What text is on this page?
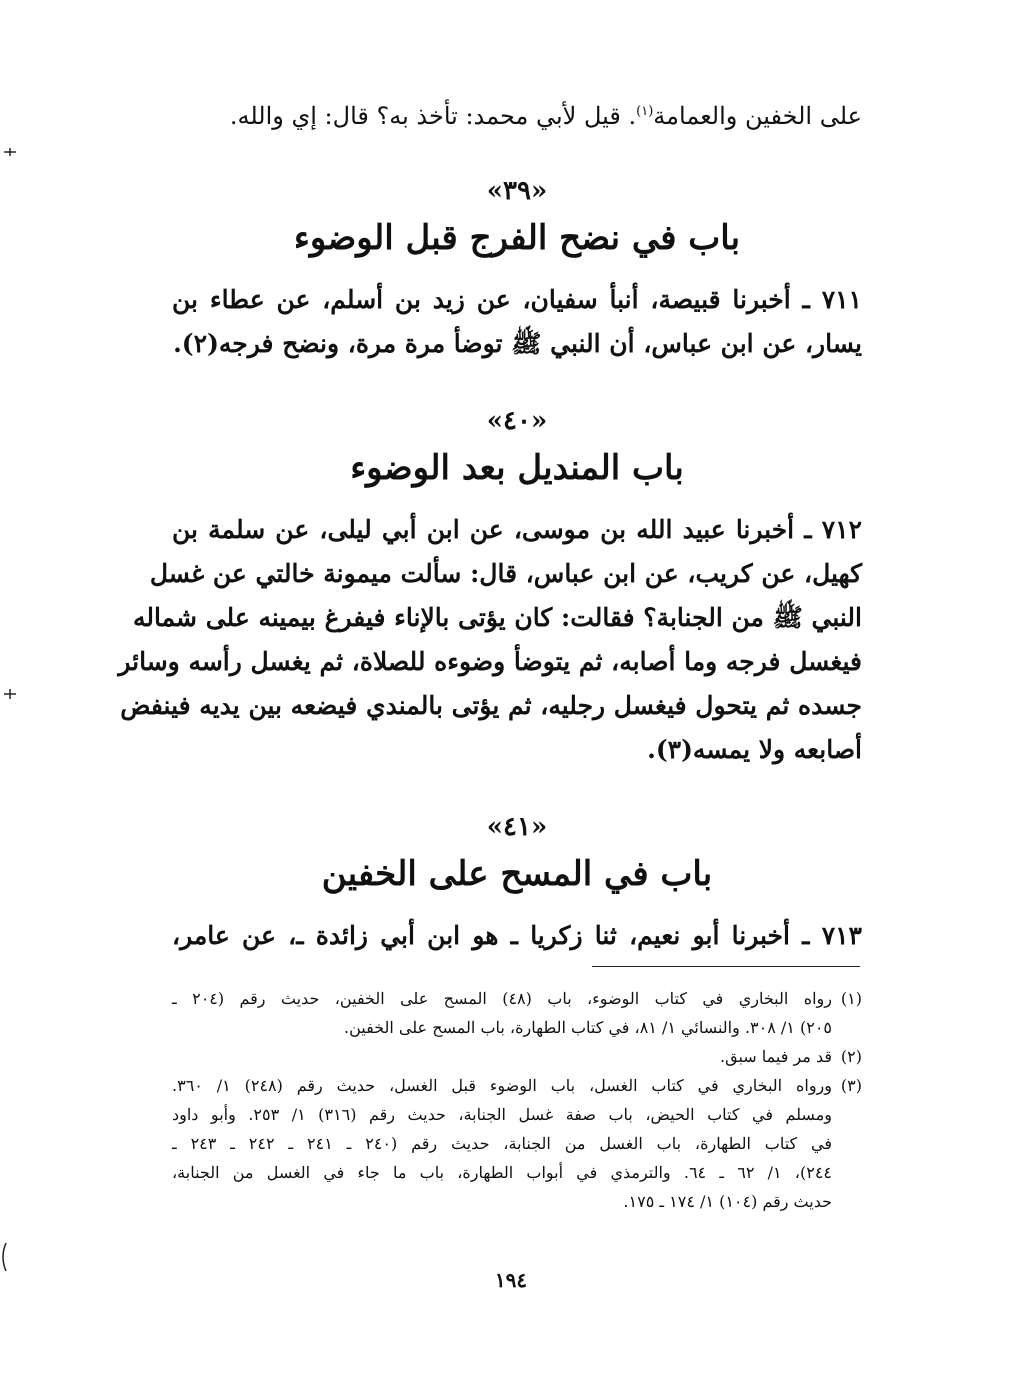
على الخفين والعمامة$^{(١)}$. قيل لأبي محمد: تأخذ به؟ قال: إي والله.
«٣٩»
باب في نضح الفرج قبل الوضوء
٧١١ ـ أخبرنا قبيصة، أنبأ سفيان، عن زيد بن أسلم، عن عطاء بن
يسار، عن ابن عباس، أن النبي ﷺ توضأ مرة مرة، ونضح فرجه(٢).
«٤٠»
باب المنديل بعد الوضوء
٧١٢ ـ أخبرنا عبيد الله بن موسى، عن ابن أبي ليلى، عن سلمة بن
كهيل، عن كريب، عن ابن عباس، قال: سألت ميمونة خالتي عن غسل
النبي ﷺ من الجنابة؟ فقالت: كان يؤتى بالإناء فيفرغ بيمينه على شماله
فيغسل فرجه وما أصابه، ثم يتوضأ وضوءه للصلاة، ثم يغسل رأسه وسائر
جسده ثم يتحول فيغسل رجليه، ثم يؤتى بالمندي فيضعه بين يديه فينفض
أصابعه ولا يمسه(٣).
«٤١»
باب في المسح على الخفين
٧١٣ ـ أخبرنا أبو نعيم، ثنا زكريا ـ هو ابن أبي زائدة ـ، عن عامر،
(١)
رواه البخاري في كتاب الوضوء، باب (٤٨) المسح على الخفين، حديث رقم (٢٠٤ ـ
٢٠٥) ١/ ٣٠٨. والنسائي ١/ ٨١، في كتاب الطهارة، باب المسح على الخفين.
(٢)
قد مر فيما سبق.
(٣)
ورواه البخاري في كتاب الغسل، باب الوضوء قبل الغسل، حديث رقم (٢٤٨) ١/ ٣٦٠.
ومسلم في كتاب الحيض، باب صفة غسل الجنابة، حديث رقم (٣١٦) ١/ ٢٥٣. وأبو داود
في كتاب الطهارة، باب الغسل من الجنابة، حديث رقم (٢٤٠ ـ ٢٤١ ـ ٢٤٢ ـ ٢٤٣ ـ
٢٤٤)، ١/ ٦٢ ـ ٦٤. والترمذي في أبواب الطهارة، باب ما جاء في الغسل من الجنابة،
حديث رقم (١٠٤) ١/ ١٧٤ ـ ١٧٥.
١٩٤
